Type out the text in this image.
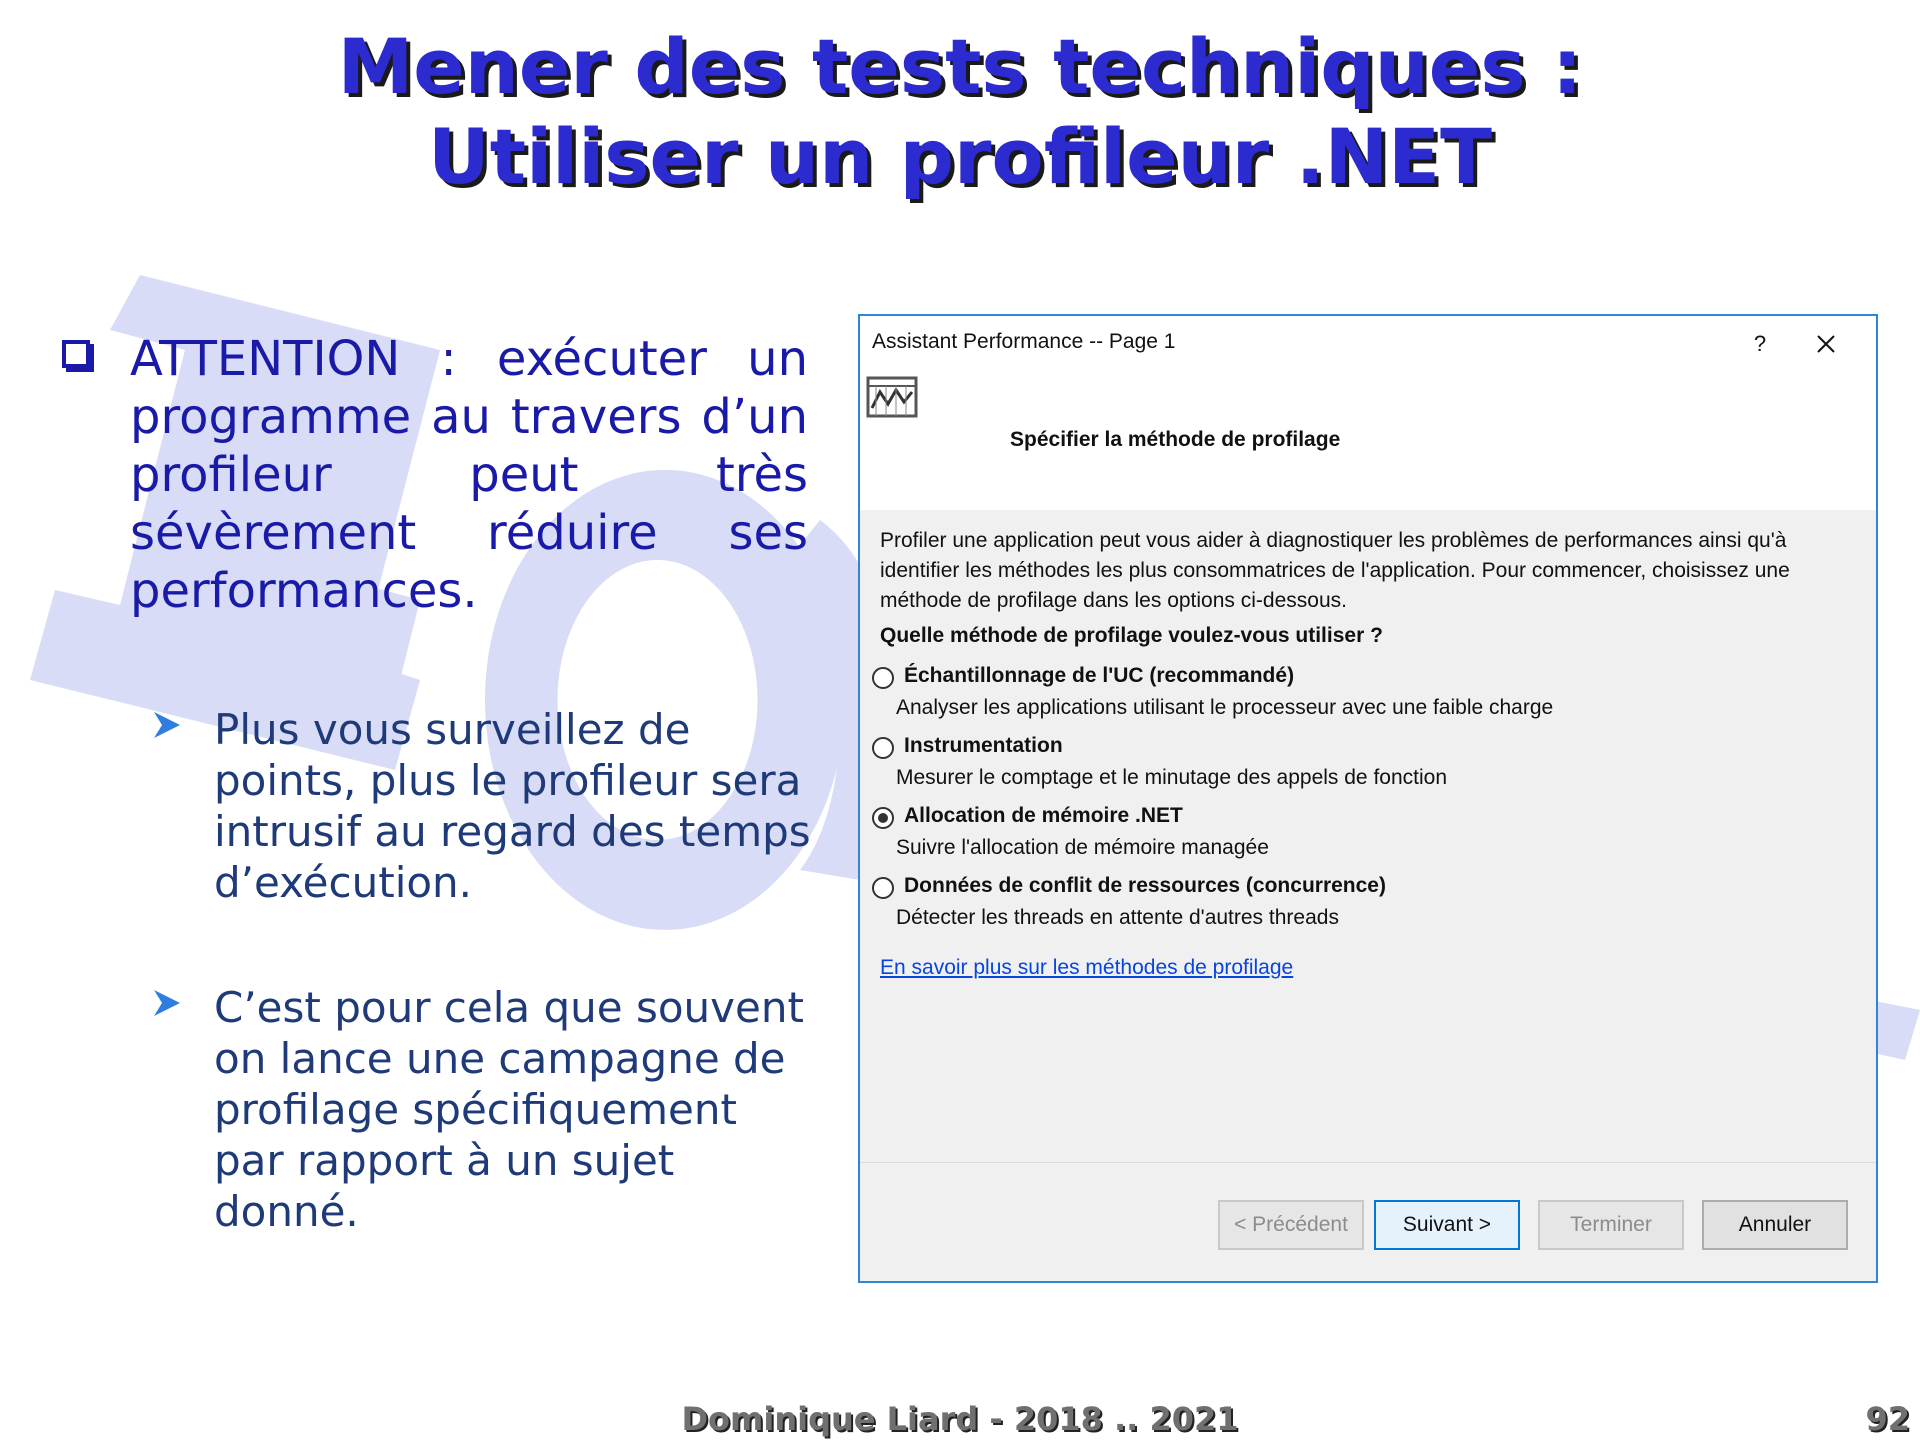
Mener des tests techniques :
Utiliser un profileur .NET
ATTENTION : exécuter un programme au travers d’un profileur peut très sévèrement réduire ses performances.
Plus vous surveillez de points, plus le profileur sera intrusif au regard des temps d’exécution.
C’est pour cela que souvent on lance une campagne de profilage spécifiquement par rapport à un sujet donné.
Assistant Performance -- Page 1	?
Spécifier la méthode de profilage
Profiler une application peut vous aider à diagnostiquer les problèmes de performances ainsi qu'à identifier les méthodes les plus consommatrices de l'application. Pour commencer, choisissez une méthode de profilage dans les options ci-dessous.
Quelle méthode de profilage voulez-vous utiliser ?
Échantillonnage de l'UC (recommandé)
Analyser les applications utilisant le processeur avec une faible charge
Instrumentation
Mesurer le comptage et le minutage des appels de fonction
Allocation de mémoire .NET
Suivre l'allocation de mémoire managée
Données de conflit de ressources (concurrence)
Détecter les threads en attente d'autres threads
En savoir plus sur les méthodes de profilage
< Précédent	Suivant >	Terminer	Annuler
Dominique Liard - 2018 .. 2021	92
